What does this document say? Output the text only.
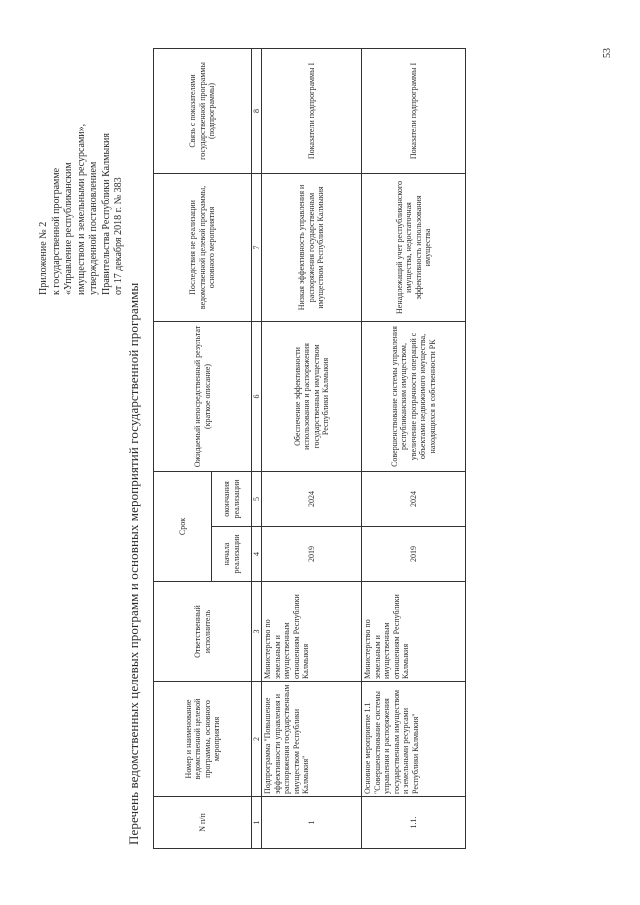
53
Приложение № 2 к государственной программе «Управление республиканским имуществом и земельными ресурсами», утвержденной постановлением Правительства Республики Калмыкия от 17 декабря 2018 г. № 383
Перечень ведомственных целевых программ и основных мероприятий государственной программы	N п/п	Номер и наименование ведомственной целевой программы, основного мероприятия	Ответственный исполнитель	Срок		Ожидаемый непосредственный результат (краткое описание)	Последствия не реализации ведомственной целевой программы, основного мероприятия	Связь с показателями государственной программы (подпрограммы)
			начала реализации	окончания реализации			
1	2	3	4	5	6	7	8
1	Подпрограмма "Повышение эффективности управления и распоряжения государственным имуществом Республики Калмыкия"	Министерство по земельным и имущественным отношениям Республики Калмыкия	2019	2024	Обеспечение эффективности использования и распоряжения государственным имуществом Республики Калмыкия	Низкая эффективность управления и распоряжения государственным имуществом Республики Калмыкия	Показатели подпрограммы I
1.1.	Основное мероприятие 1.1 "Совершенствование системы управления и распоряжения государственным имуществом и земельными ресурсами Республики Калмыкия"	Министерство по земельным и имущественным отношениям Республики Калмыкия	2019	2024	Совершенствование системы управления республиканским имуществом, увеличение прозрачности операций с объектами недвижимого имущества, находящихся в собственности РК	Ненадлежащий учет республиканского имущества, недостаточная эффективность использования имущества	Показатели подпрограммы I
